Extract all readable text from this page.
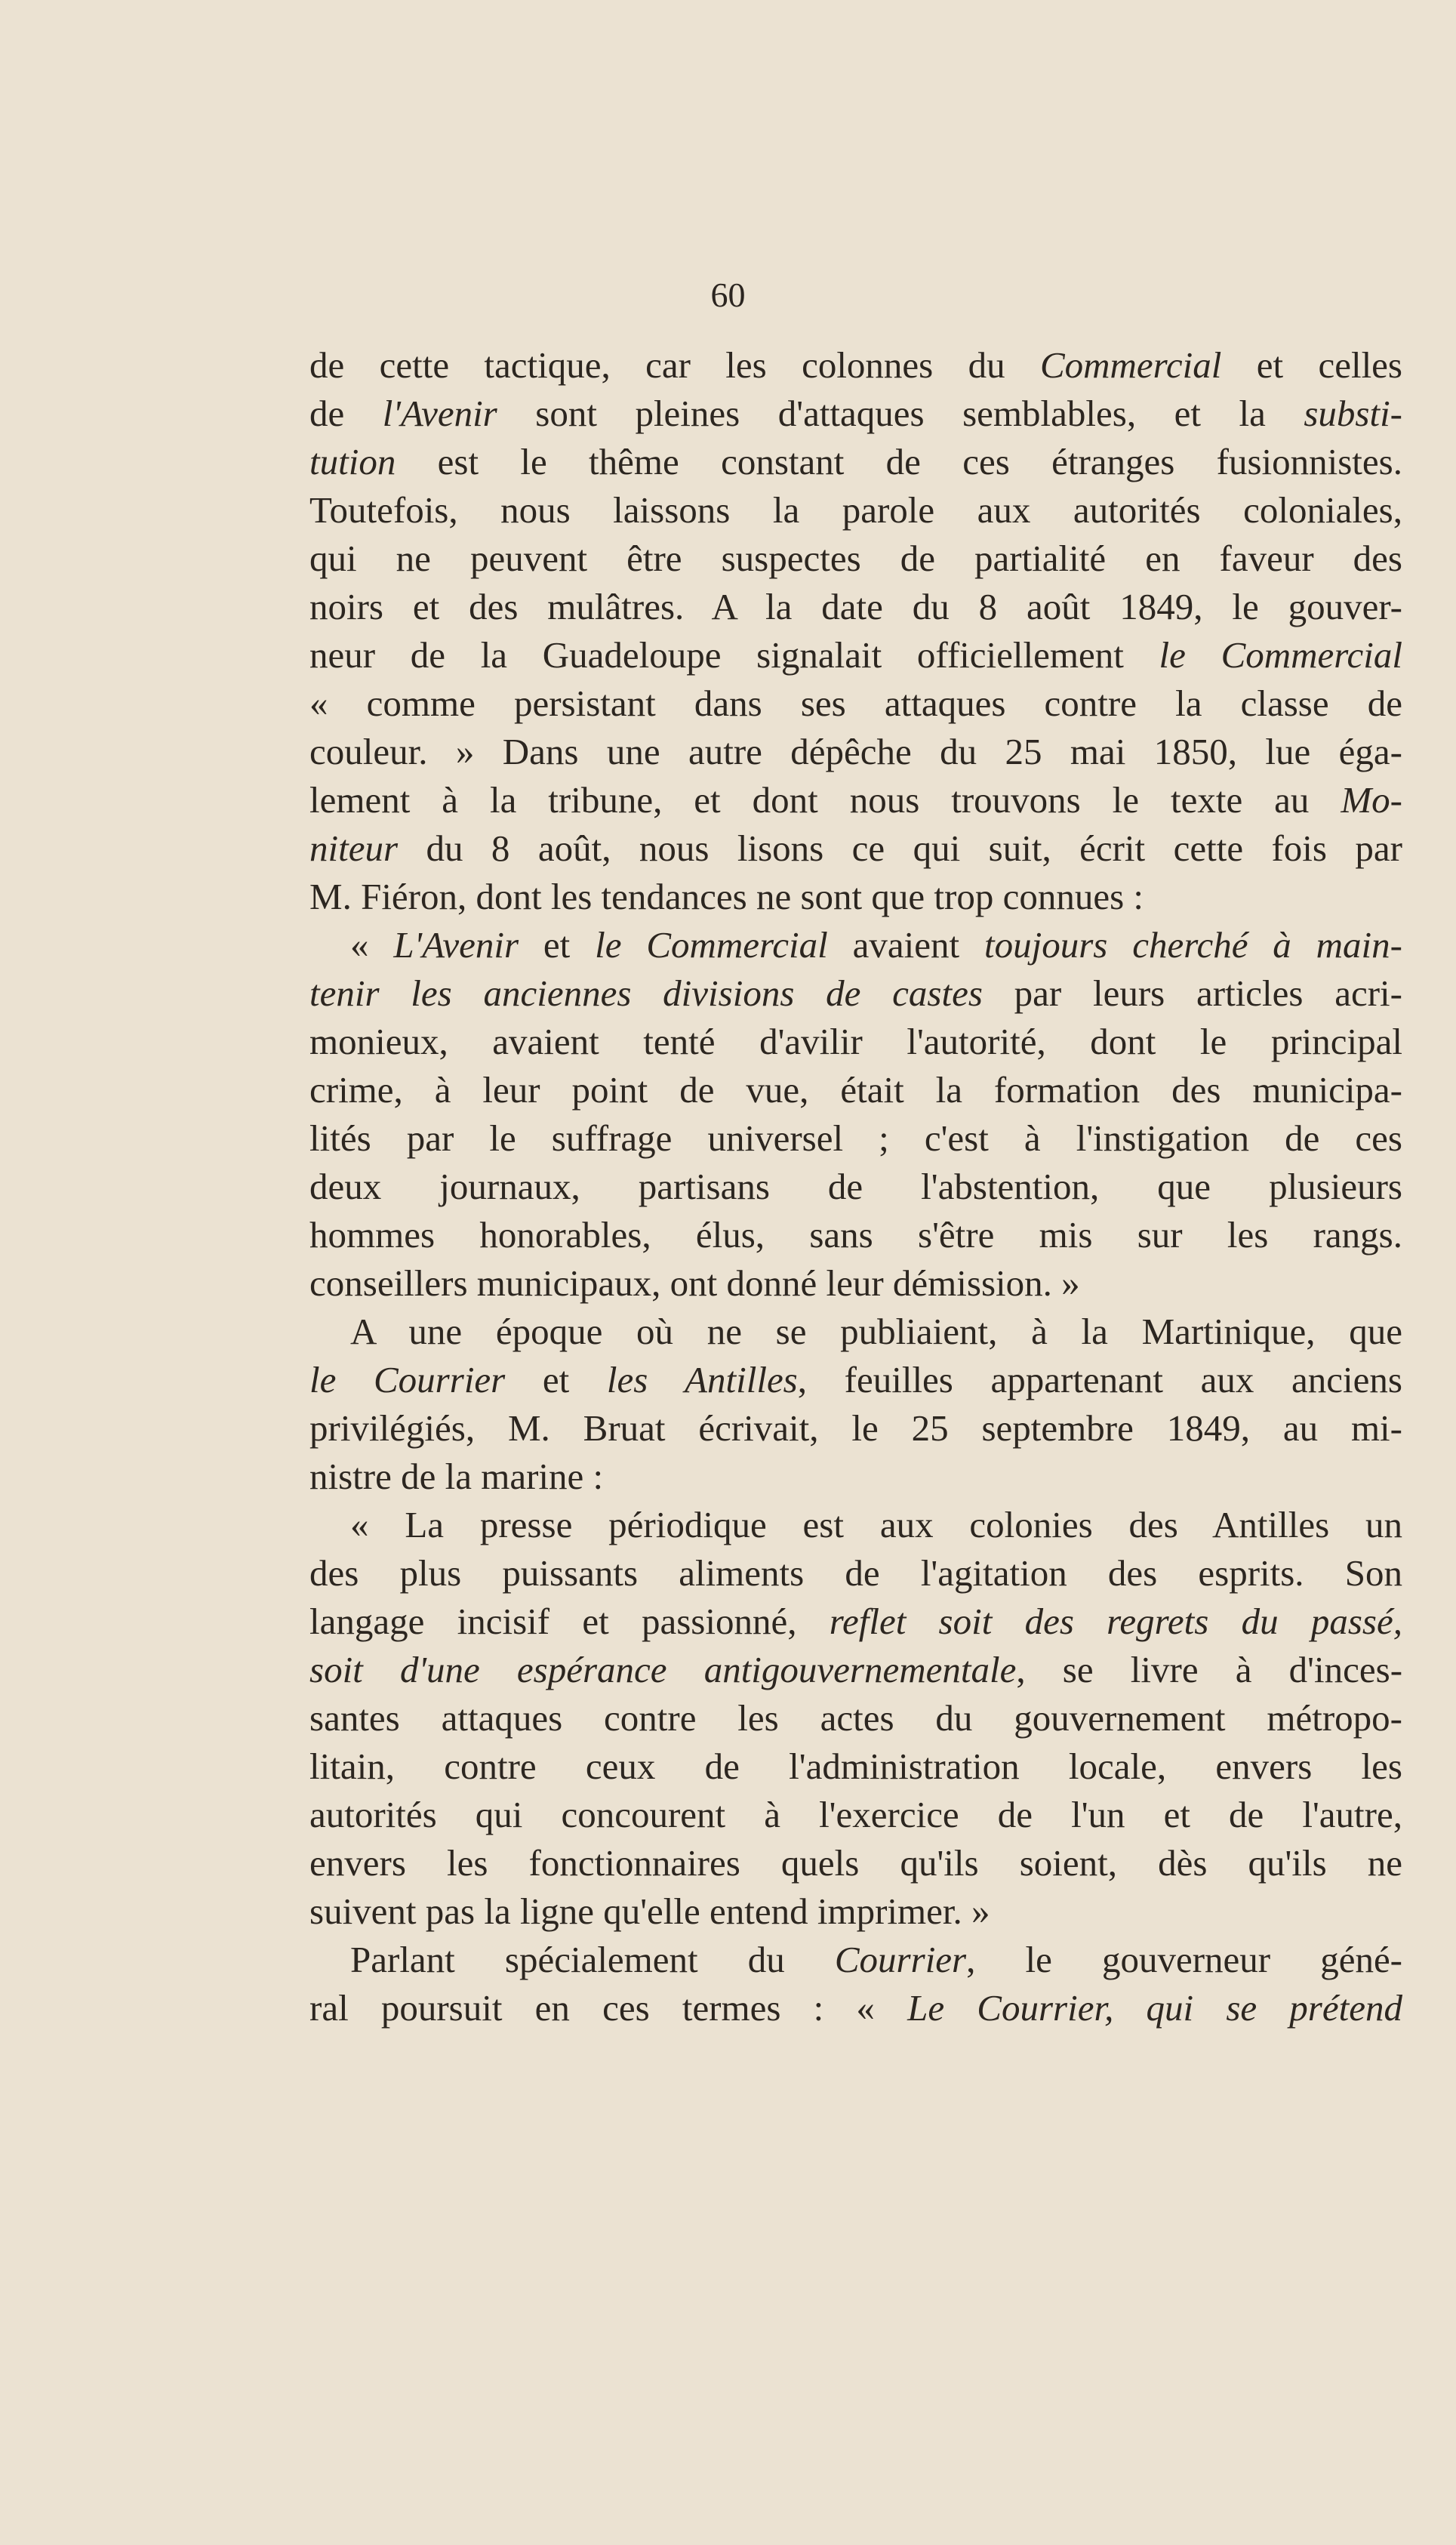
60
de cette tactique, car les colonnes du Commercial et celles
de l'Avenir sont pleines d'attaques semblables, et la substi-
tution est le thême constant de ces étranges fusionnistes.
Toutefois, nous laissons la parole aux autorités coloniales,
qui ne peuvent être suspectes de partialité en faveur des
noirs et des mulâtres. A la date du 8 août 1849, le gouver-
neur de la Guadeloupe signalait officiellement le Commercial
« comme persistant dans ses attaques contre la classe de
couleur. » Dans une autre dépêche du 25 mai 1850, lue éga-
lement à la tribune, et dont nous trouvons le texte au Mo-
niteur du 8 août, nous lisons ce qui suit, écrit cette fois par
M. Fiéron, dont les tendances ne sont que trop connues :
« L'Avenir et le Commercial avaient toujours cherché à main-
tenir les anciennes divisions de castes par leurs articles acri-
monieux, avaient tenté d'avilir l'autorité, dont le principal
crime, à leur point de vue, était la formation des municipa-
lités par le suffrage universel ; c'est à l'instigation de ces
deux journaux, partisans de l'abstention, que plusieurs
hommes honorables, élus, sans s'être mis sur les rangs.
conseillers municipaux, ont donné leur démission. »
A une époque où ne se publiaient, à la Martinique, que
le Courrier et les Antilles, feuilles appartenant aux anciens
privilégiés, M. Bruat écrivait, le 25 septembre 1849, au mi-
nistre de la marine :
« La presse périodique est aux colonies des Antilles un
des plus puissants aliments de l'agitation des esprits. Son
langage incisif et passionné, reflet soit des regrets du passé,
soit d'une espérance antigouvernementale, se livre à d'inces-
santes attaques contre les actes du gouvernement métropo-
litain, contre ceux de l'administration locale, envers les
autorités qui concourent à l'exercice de l'un et de l'autre,
envers les fonctionnaires quels qu'ils soient, dès qu'ils ne
suivent pas la ligne qu'elle entend imprimer. »
Parlant spécialement du Courrier, le gouverneur géné-
ral poursuit en ces termes : « Le Courrier, qui se prétend
